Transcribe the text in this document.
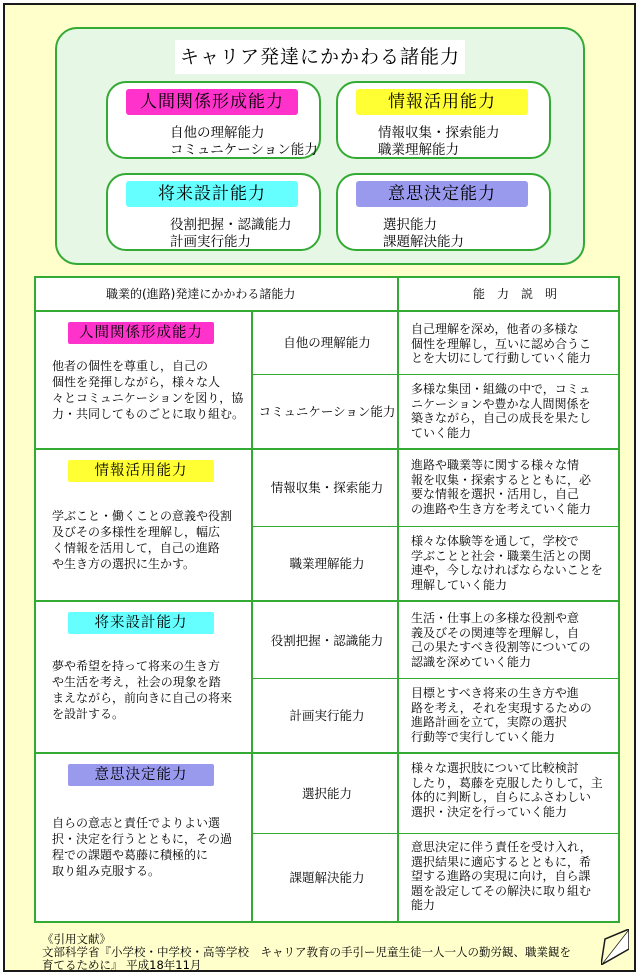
キャリア発達にかかわる諸能力
人間関係形成能力
自他の理解能力
コミュニケーション能力
情報活用能力
情報収集・探索能力
職業理解能力
将来設計能力
役割把握・認識能力
計画実行能力
意思決定能力
選択能力
課題解決能力
職業的(進路)発達にかかわる諸能力	能　力　説　明
人間関係形成能力
他者の個性を尊重し，自己の
個性を発揮しながら，様々な人
々とコミュニケーションを図り，協
力・共同してものごとに取り組む。
自他の理解能力
自己理解を深め，他者の多様な
個性を理解し，互いに認め合うこ
とを大切にして行動していく能力
コミュニケーション能力
多様な集団・組織の中で，コミュ
ニケーションや豊かな人間関係を
築きながら，自己の成長を果たし
ていく能力
情報活用能力
学ぶこと・働くことの意義や役割
及びその多様性を理解し，幅広
く情報を活用して，自己の進路
や生き方の選択に生かす。
情報収集・探索能力
進路や職業等に関する様々な情
報を収集・探索するとともに，必
要な情報を選択・活用し，自己
の進路や生き方を考えていく能力
職業理解能力
様々な体験等を通して，学校で
学ぶことと社会・職業生活との関
連や，今しなければならないことを
理解していく能力
将来設計能力
夢や希望を持って将来の生き方
や生活を考え，社会の現象を踏
まえながら，前向きに自己の将来
を設計する。
役割把握・認識能力
生活・仕事上の多様な役割や意
義及びその関連等を理解し，自
己の果たすべき役割等についての
認識を深めていく能力
計画実行能力
目標とすべき将来の生き方や進
路を考え，それを実現するための
進路計画を立て，実際の選択
行動等で実行していく能力
意思決定能力
自らの意志と責任でよりよい選
択・決定を行うとともに，その過
程での課題や葛藤に積極的に
取り組み克服する。
選択能力
様々な選択肢について比較検討
したり，葛藤を克服したりして，主
体的に判断し，自らにふさわしい
選択・決定を行っていく能力
課題解決能力
意思決定に伴う責任を受け入れ，
選択結果に適応するとともに，希
望する進路の実現に向け，自ら課
題を設定してその解決に取り組む
能力
《引用文献》
文部科学省『小学校・中学校・高等学校　キャリア教育の手引ー児童生徒一人一人の勤労観、職業観を
育てるために』 平成18年11月
